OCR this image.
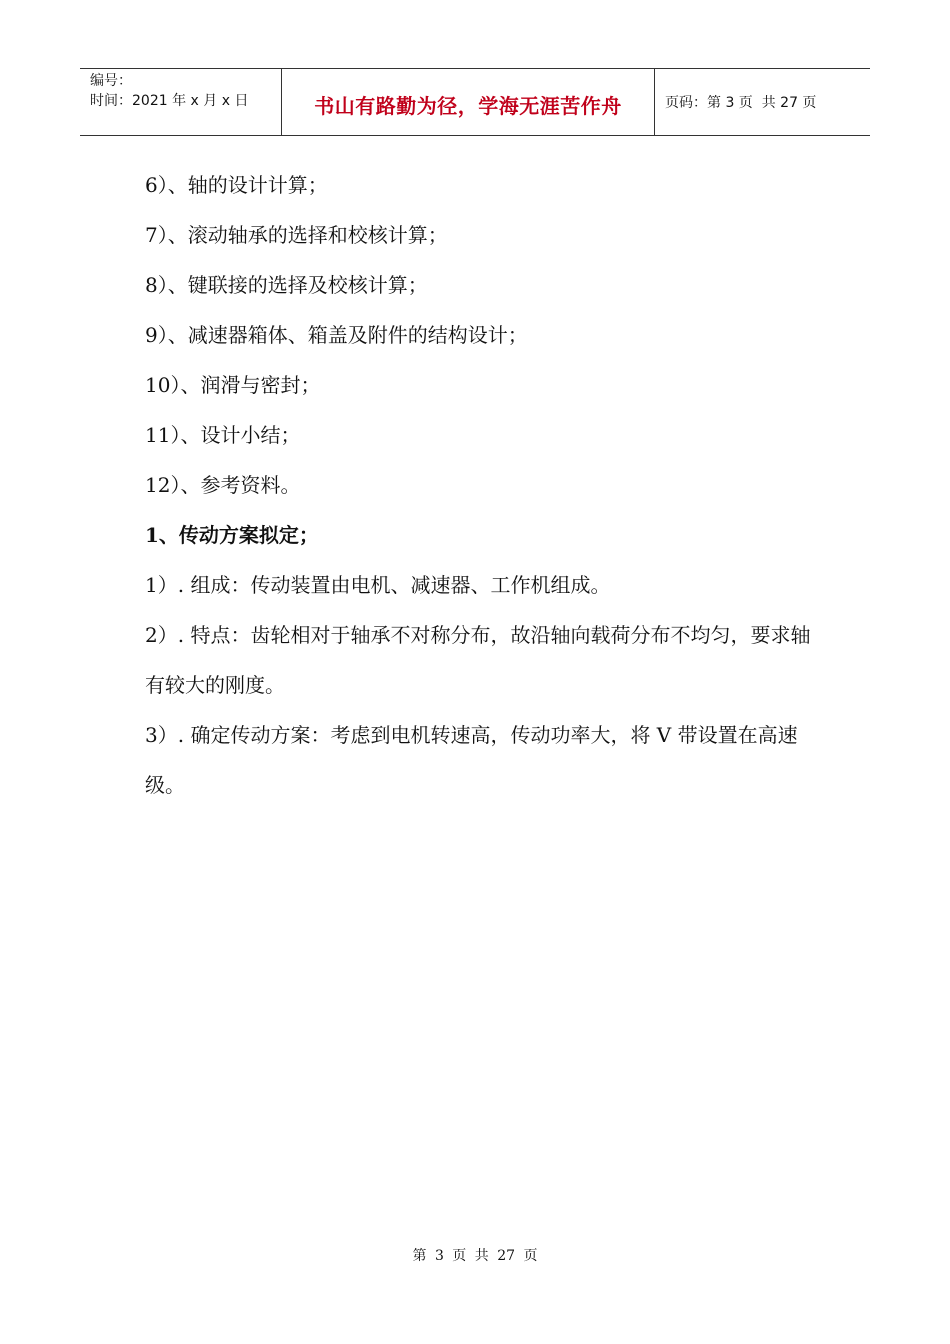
编号：
时间：2021 年 x 月 x 日	书山有路勤为径，学海无涯苦作舟	页码：第 3 页  共 27 页
6）、轴的设计计算；
7）、滚动轴承的选择和校核计算；
8）、键联接的选择及校核计算；
9）、减速器箱体、箱盖及附件的结构设计；
10）、润滑与密封；
11）、设计小结；
12）、参考资料。
1、传动方案拟定；
1）. 组成：传动装置由电机、减速器、工作机组成。
2）. 特点：齿轮相对于轴承不对称分布，故沿轴向载荷分布不均匀，要求轴有较大的刚度。
3）. 确定传动方案：考虑到电机转速高，传动功率大，将 V 带设置在高速级。
第 3 页 共 27 页
